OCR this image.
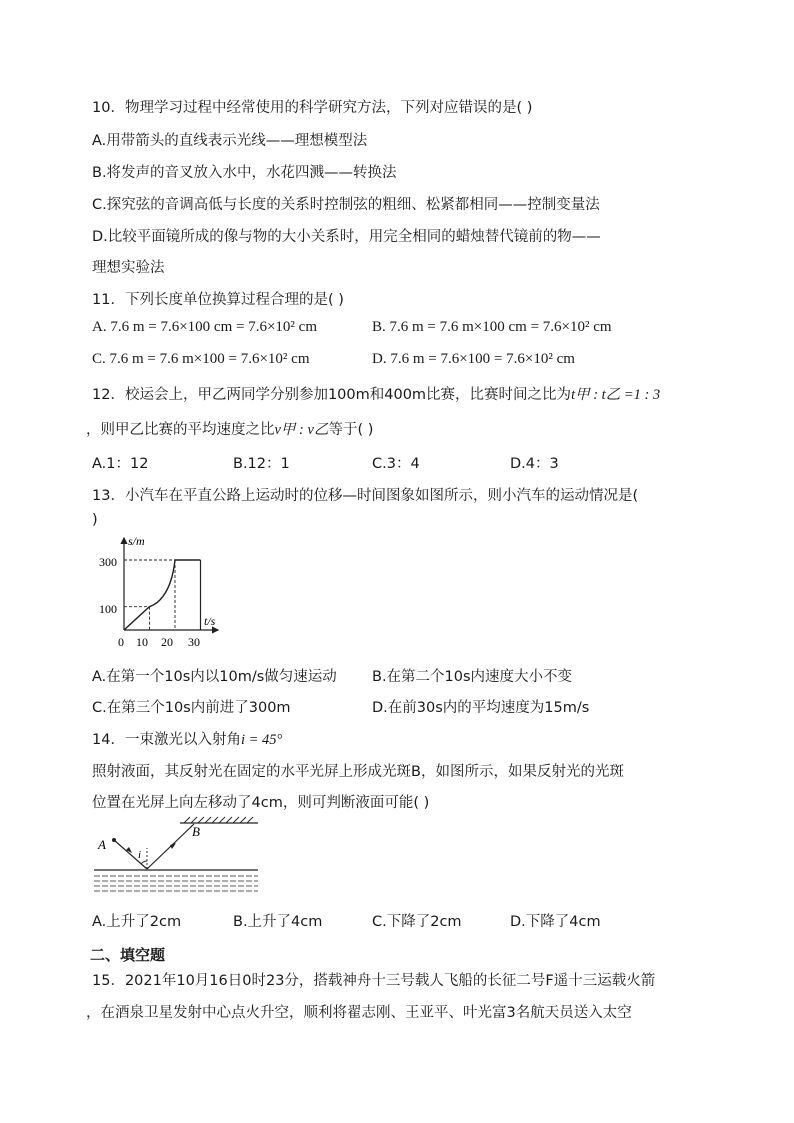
10．物理学习过程中经常使用的科学研究方法，下列对应错误的是( )
A.用带箭头的直线表示光线——理想模型法
B.将发声的音叉放入水中，水花四溅——转换法
C.探究弦的音调高低与长度的关系时控制弦的粗细、松紧都相同——控制变量法
D.比较平面镜所成的像与物的大小关系时，用完全相同的蜡烛替代镜前的物——
理想实验法
11．下列长度单位换算过程合理的是( )
A. 7.6 m = 7.6×100 cm = 7.6×10² cm	B. 7.6 m = 7.6 m×100 cm = 7.6×10² cm
C. 7.6 m = 7.6 m×100 = 7.6×10² cm	D. 7.6 m = 7.6×100 = 7.6×10² cm
12．校运会上，甲乙两同学分别参加100m和400m比赛，比赛时间之比为t甲 : t乙 =1 : 3
，则甲乙比赛的平均速度之比v甲 : v乙等于( )
A.1：12	B.12：1	C.3：4	D.4：3
13．小汽车在平直公路上运动时的位移—时间图象如图所示，则小汽车的运动情况是(
)
s/m
t/s
0 10 20 30
100
300
A.在第一个10s内以10m/s做匀速运动 B.在第二个10s内速度大小不变
C.在第三个10s内前进了300m	D.在前30s内的平均速度为15m/s
14．一束激光以入射角i = 45°
照射液面，其反射光在固定的水平光屏上形成光斑B，如图所示，如果反射光的光斑
位置在光屏上向左移动了4cm，则可判断液面可能( )
A
B
i
A.上升了2cm	B.上升了4cm	C.下降了2cm	D.下降了4cm
二、填空题
15．2021年10月16日0时23分，搭载神舟十三号载人飞船的长征二号F遥十三运载火箭
，在酒泉卫星发射中心点火升空，顺利将翟志刚、王亚平、叶光富3名航天员送入太空
